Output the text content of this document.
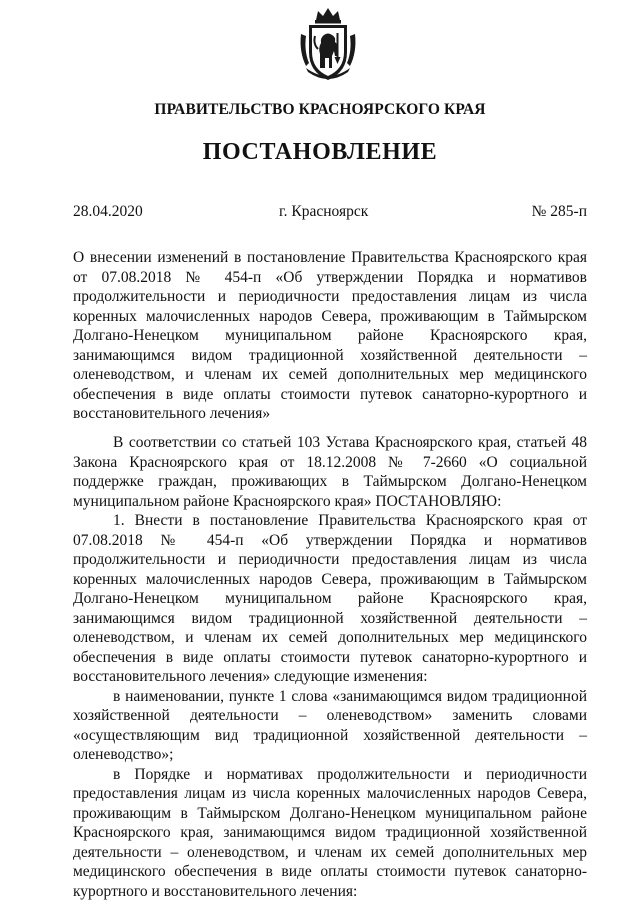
ПРАВИТЕЛЬСТВО КРАСНОЯРСКОГО КРАЯ
ПОСТАНОВЛЕНИЕ
28.04.2020	г. Красноярск	№ 285-п

О внесении изменений в постановление Правительства Красноярского края от 07.08.2018 № 454-п «Об утверждении Порядка и нормативов продолжительности и периодичности предоставления лицам из числа коренных малочисленных народов Севера, проживающим в Таймырском Долгано-Ненецком муниципальном районе Красноярского края, занимающимся видом традиционной хозяйственной деятельности – оленеводством, и членам их семей дополнительных мер медицинского обеспечения в виде оплаты стоимости путевок санаторно-курортного и восстановительного лечения»

В соответствии со статьей 103 Устава Красноярского края, статьей 48 Закона Красноярского края от 18.12.2008 № 7-2660 «О социальной поддержке граждан, проживающих в Таймырском Долгано-Ненецком муниципальном районе Красноярского края» ПОСТАНОВЛЯЮ:

1. Внести в постановление Правительства Красноярского края от 07.08.2018 № 454-п «Об утверждении Порядка и нормативов продолжительности и периодичности предоставления лицам из числа коренных малочисленных народов Севера, проживающим в Таймырском Долгано-Ненецком муниципальном районе Красноярского края, занимающимся видом традиционной хозяйственной деятельности – оленеводством, и членам их семей дополнительных мер медицинского обеспечения в виде оплаты стоимости путевок санаторно-курортного и восстановительного лечения» следующие изменения:

в наименовании, пункте 1 слова «занимающимся видом традиционной хозяйственной деятельности – оленеводством» заменить словами «осуществляющим вид традиционной хозяйственной деятельности – оленеводство»;

в Порядке и нормативах продолжительности и периодичности предоставления лицам из числа коренных малочисленных народов Севера, проживающим в Таймырском Долгано-Ненецком муниципальном районе Красноярского края, занимающимся видом традиционной хозяйственной деятельности – оленеводством, и членам их семей дополнительных мер медицинского обеспечения в виде оплаты стоимости путевок санаторно-курортного и восстановительного лечения:
